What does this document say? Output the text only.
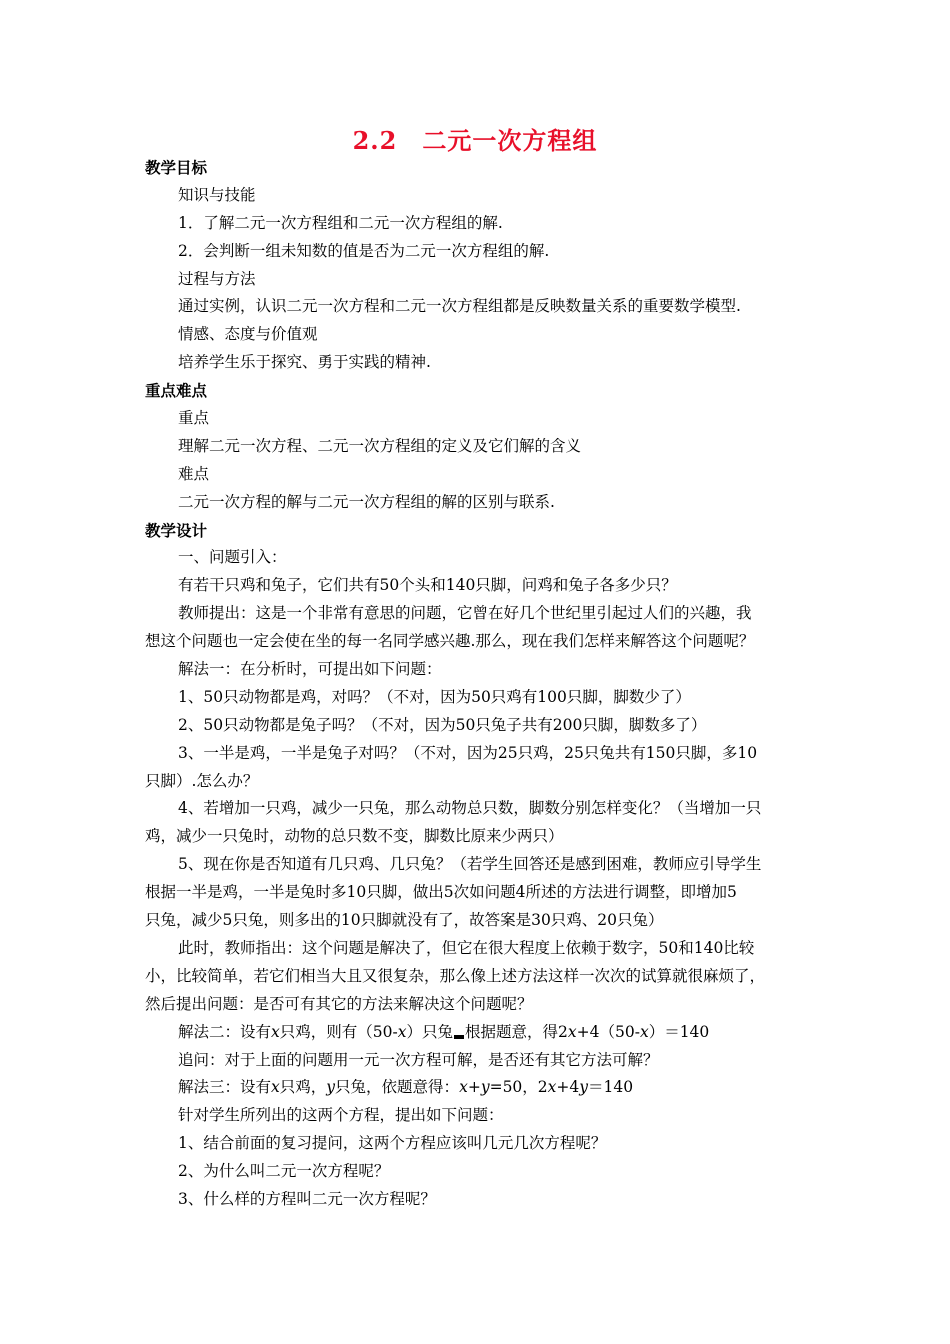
2.2　二元一次方程组
教学目标
知识与技能
1．了解二元一次方程组和二元一次方程组的解.
2．会判断一组未知数的值是否为二元一次方程组的解.
过程与方法
通过实例，认识二元一次方程和二元一次方程组都是反映数量关系的重要数学模型.
情感、态度与价值观
培养学生乐于探究、勇于实践的精神.
重点难点
重点
理解二元一次方程、二元一次方程组的定义及它们解的含义
难点
二元一次方程的解与二元一次方程组的解的区别与联系.
教学设计
一、问题引入：
有若干只鸡和兔子，它们共有50个头和140只脚，问鸡和兔子各多少只？
教师提出：这是一个非常有意思的问题，它曾在好几个世纪里引起过人们的兴趣，我
想这个问题也一定会使在坐的每一名同学感兴趣.那么，现在我们怎样来解答这个问题呢？
解法一：在分析时，可提出如下问题：
1、50只动物都是鸡，对吗？（不对，因为50只鸡有100只脚，脚数少了）
2、50只动物都是兔子吗？（不对，因为50只兔子共有200只脚，脚数多了）
3、一半是鸡，一半是兔子对吗？（不对，因为25只鸡，25只兔共有150只脚，多10
只脚）.怎么办？
4、若增加一只鸡，减少一只兔，那么动物总只数，脚数分别怎样变化？（当增加一只
鸡，减少一只兔时，动物的总只数不变，脚数比原来少两只）
5、现在你是否知道有几只鸡、几只兔？（若学生回答还是感到困难，教师应引导学生
根据一半是鸡，一半是兔时多10只脚，做出5次如问题4所述的方法进行调整，即增加5
只兔，减少5只兔，则多出的10只脚就没有了，故答案是30只鸡、20只兔）
此时，教师指出：这个问题是解决了，但它在很大程度上依赖于数字，50和140比较
小，比较简单，若它们相当大且又很复杂，那么像上述方法这样一次次的试算就很麻烦了，
然后提出问题：是否可有其它的方法来解决这个问题呢？
解法二：设有x只鸡，则有（50-x）只兔 根据题意，得2x+4（50-x）＝140
追问：对于上面的问题用一元一次方程可解，是否还有其它方法可解？
解法三：设有x只鸡，y只兔，依题意得：x+y=50，2x+4y＝140
针对学生所列出的这两个方程，提出如下问题：
1、结合前面的复习提问，这两个方程应该叫几元几次方程呢？
2、为什么叫二元一次方程呢？
3、什么样的方程叫二元一次方程呢？
